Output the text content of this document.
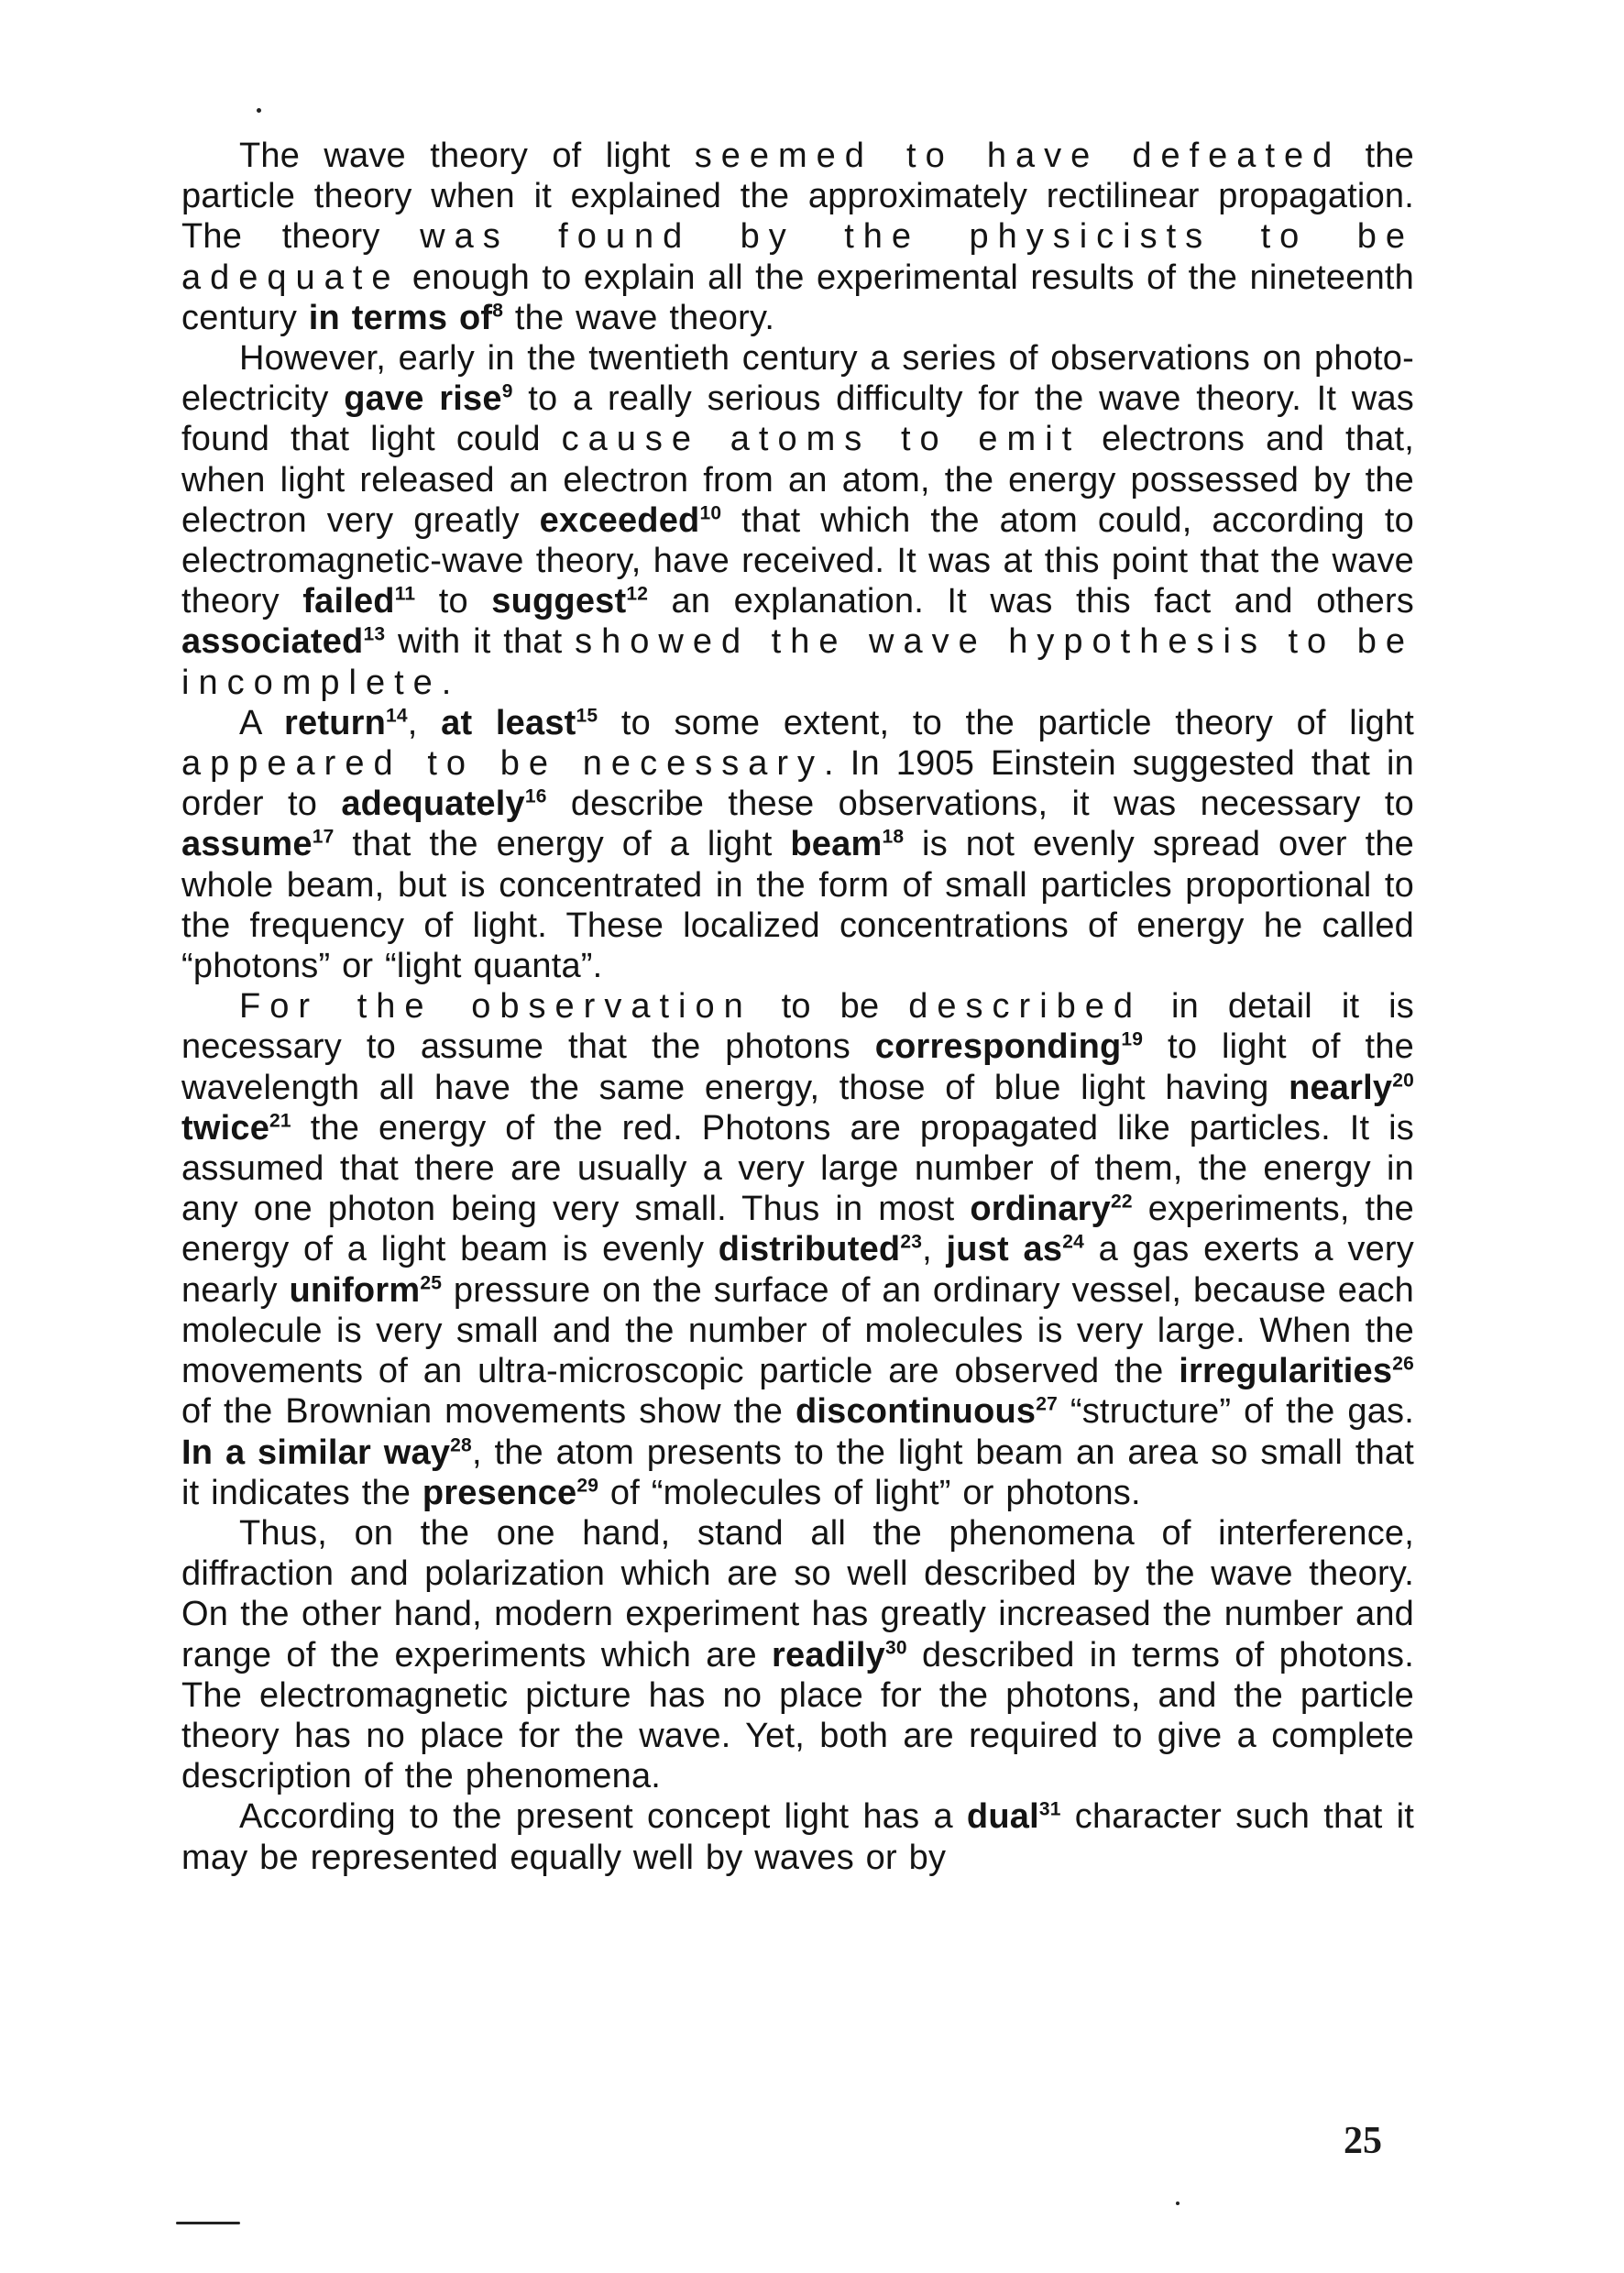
The wave theory of light seemed to have defeated the particle theory when it explained the approximately rectilinear propagation. The theory was found by the physicists to be adequate enough to explain all the experimental results of the nineteenth century in terms $of^8$ the wave theory.

However, early in the twentieth century a series of observations on photo-electricity gave rise$^9$ to a really serious difficulty for the wave theory. It was found that light could cause atoms to emit electrons and that, when light released an electron from an atom, the energy possessed by the electron very greatly exceeded$^{10}$ that which the atom could, according to electromagnetic-wave theory, have received. It was at this point that the wave theory failed$^{11}$ to suggest$^{12}$ an explanation. It was this fact and others associated$^{13}$ with it that showed the wave hypothesis to be incomplete.

A return$^{14}$, at least$^{15}$ to some extent, to the particle theory of light appeared to be necessary. In 1905 Einstein suggested that in order to adequately$^{16}$ describe these observations, it was necessary to assume$^{17}$ that the energy of a light beam$^{18}$ is not evenly spread over the whole beam, but is concentrated in the form of small particles proportional to the frequency of light. These localized concentrations of energy he called “photons” or “light quanta”.

For the observation to be described in detail it is necessary to assume that the photons corresponding$^{19}$ to light of the wavelength all have the same energy, those of blue light having nearly$^{20}$ twice$^{21}$ the energy of the red. Photons are propagated like particles. It is assumed that there are usually a very large number of them, the energy in any one photon being very small. Thus in most ordinary$^{22}$ experiments, the energy of a light beam is evenly distributed$^{23}$, just $as^{24}$ a gas exerts a very nearly uniform$^{25}$ pressure on the surface of an ordinary vessel, because each molecule is very small and the number of molecules is very large. When the movements of an ultra-microscopic particle are observed the irregularities$^{26}$ of the Brownian movements show the discontinuous$^{27}$ “structure” of the gas. In a similar way$^{28}$, the atom presents to the light beam an area so small that it indicates the presence$^{29}$ of “molecules of light” or photons.

Thus, on the one hand, stand all the phenomena of interference, diffraction and polarization which are so well described by the wave theory. On the other hand, modern experiment has greatly increased the number and range of the experiments which are readily$^{30}$ described in terms of photons. The electromagnetic picture has no place for the photons, and the particle theory has no place for the wave. Yet, both are required to give a complete description of the phenomena.

According to the present concept light has a dual$^{31}$ character such that it may be represented equally well by waves or by

25
